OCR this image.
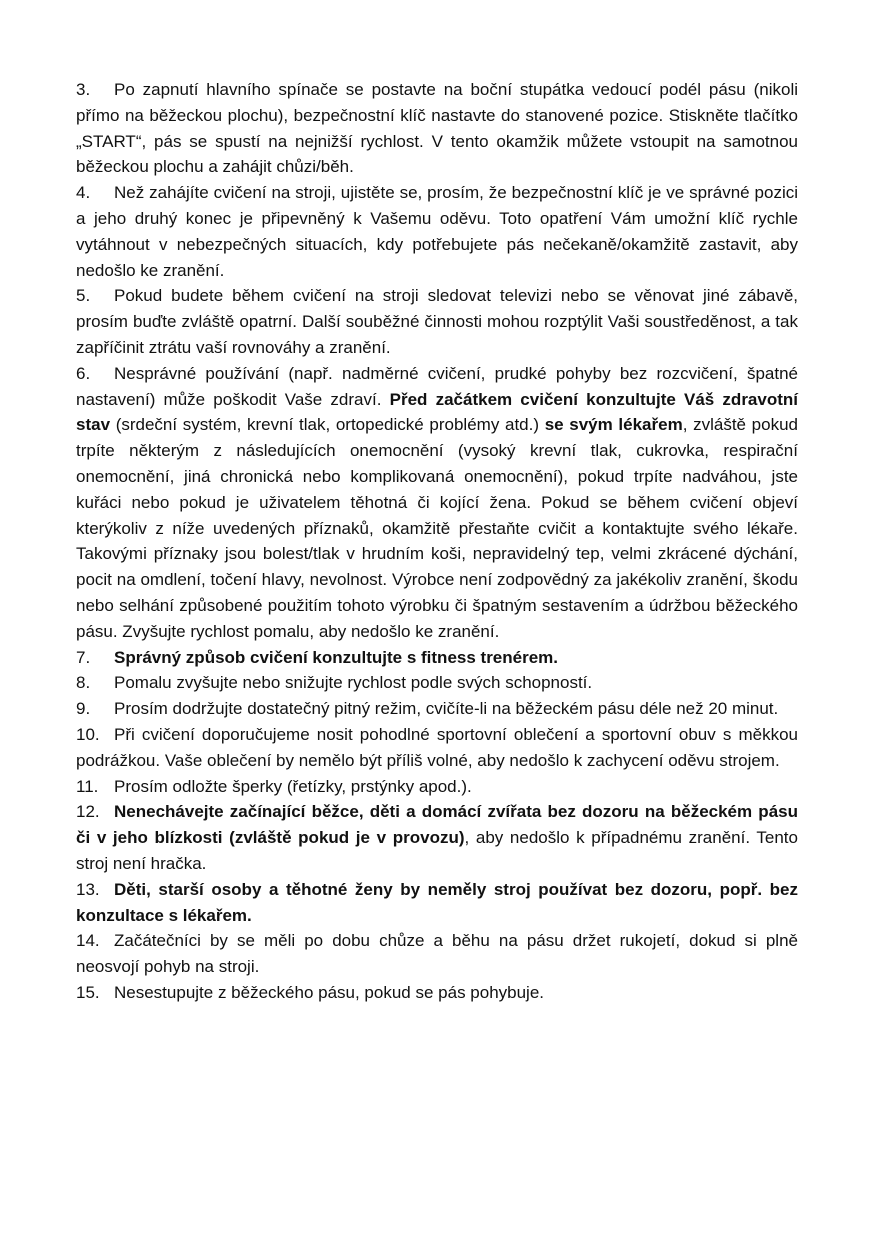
3. Po zapnutí hlavního spínače se postavte na boční stupátka vedoucí podél pásu (nikoli přímo na běžeckou plochu), bezpečnostní klíč nastavte do stanovené pozice. Stiskněte tlačítko „START“, pás se spustí na nejnižší rychlost. V tento okamžik můžete vstoupit na samotnou běžeckou plochu a zahájit chůzi/běh.

4. Než zahájíte cvičení na stroji, ujistěte se, prosím, že bezpečnostní klíč je ve správné pozici a jeho druhý konec je připevněný k Vašemu oděvu. Toto opatření Vám umožní klíč rychle vytáhnout v nebezpečných situacích, kdy potřebujete pás nečekaně/okamžitě zastavit, aby nedošlo ke zranění.

5. Pokud budete během cvičení na stroji sledovat televizi nebo se věnovat jiné zábavě, prosím buďte zvláště opatrní. Další souběžné činnosti mohou rozptýlit Vaši soustředěnost, a tak zapříčinit ztrátu vaší rovnováhy a zranění.

6. Nesprávné používání (např. nadměrné cvičení, prudké pohyby bez rozcvičení, špatné nastavení) může poškodit Vaše zdraví. Před začátkem cvičení konzultujte Váš zdravotní stav (srdeční systém, krevní tlak, ortopedické problémy atd.) se svým lékařem, zvláště pokud trpíte některým z následujících onemocnění (vysoký krevní tlak, cukrovka, respirační onemocnění, jiná chronická nebo komplikovaná onemocnění), pokud trpíte nadváhou, jste kuřáci nebo pokud je uživatelem těhotná či kojící žena. Pokud se během cvičení objeví kterýkoliv z níže uvedených příznaků, okamžitě přestaňte cvičit a kontaktujte svého lékaře. Takovými příznaky jsou bolest/tlak v hrudním koši, nepravidelný tep, velmi zkrácené dýchání, pocit na omdlení, točení hlavy, nevolnost. Výrobce není zodpovědný za jakékoliv zranění, škodu nebo selhání způsobené použitím tohoto výrobku či špatným sestavením a údržbou běžeckého pásu. Zvyšujte rychlost pomalu, aby nedošlo ke zranění.

7. Správný způsob cvičení konzultujte s fitness trenérem.

8. Pomalu zvyšujte nebo snižujte rychlost podle svých schopností.

9. Prosím dodržujte dostatečný pitný režim, cvičíte-li na běžeckém pásu déle než 20 minut.

10. Při cvičení doporučujeme nosit pohodlné sportovní oblečení a sportovní obuv s měkkou podrážkou. Vaše oblečení by nemělo být příliš volné, aby nedošlo k zachycení oděvu strojem.

11. Prosím odložte šperky (řetízky, prstýnky apod.).

12. Nenechávejte začínající běžce, děti a domácí zvířata bez dozoru na běžeckém pásu či v jeho blízkosti (zvláště pokud je v provozu), aby nedošlo k případnému zranění. Tento stroj není hračka.

13. Děti, starší osoby a těhotné ženy by neměly stroj používat bez dozoru, popř. bez konzultace s lékařem.

14. Začátečníci by se měli po dobu chůze a běhu na pásu držet rukojetí, dokud si plně neosvojí pohyb na stroji.

15. Nesestupujte z běžeckého pásu, pokud se pás pohybuje.
